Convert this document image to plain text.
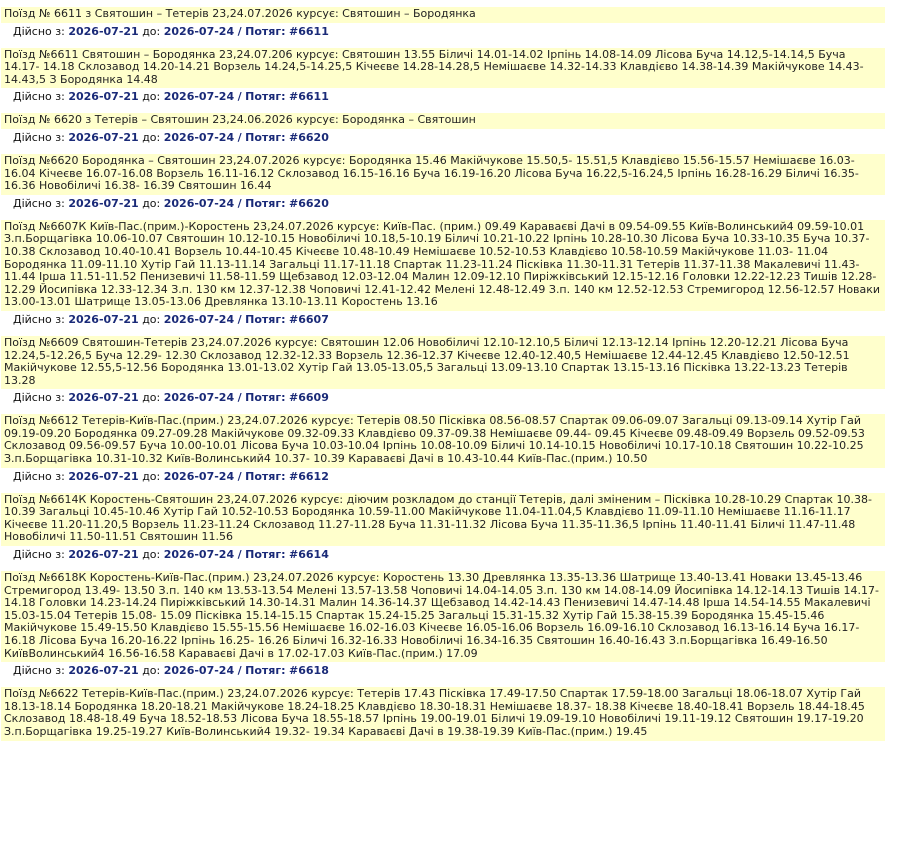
Поїзд № 6611 з Святошин – Тетерів 23,24.07.2026 курсує: Святошин – Бородянка
Дійсно з: 2026-07-21 до: 2026-07-24 / Потяг: #6611
Поїзд №6611 Святошин – Бородянка 23,24.07.206 курсує: Святошин 13.55 Біличі 14.01-14.02 Ірпінь 14.08-14.09 Лісова Буча 14.12,5-14.14,5 Буча 14.17- 14.18 Склозавод 14.20-14.21 Ворзель 14.24,5-14.25,5 Кічеєве 14.28-14.28,5 Немішаєве 14.32-14.33 Клавдієво 14.38-14.39 Макійчукове 14.43-14.43,5 З Бородянка 14.48
Дійсно з: 2026-07-21 до: 2026-07-24 / Потяг: #6611
Поїзд № 6620 з Тетерів – Святошин 23,24.06.2026 курсує: Бородянка – Святошин
Дійсно з: 2026-07-21 до: 2026-07-24 / Потяг: #6620
Поїзд №6620 Бородянка – Святошин 23,24.07.2026 курсує: Бородянка 15.46 Макійчукове 15.50,5- 15.51,5 Клавдієво 15.56-15.57 Немішаєве 16.03-16.04 Кічеєве 16.07-16.08 Ворзель 16.11-16.12 Склозавод 16.15-16.16 Буча 16.19-16.20 Лісова Буча 16.22,5-16.24,5 Ірпінь 16.28-16.29 Біличі 16.35-16.36 Новобіличі 16.38- 16.39 Святошин 16.44
Дійсно з: 2026-07-21 до: 2026-07-24 / Потяг: #6620
Поїзд №6607К Київ-Пас.(прим.)-Коростень 23,24.07.2026 курсує: Київ-Пас. (прим.) 09.49 Караваєві Дачі в 09.54-09.55 Київ-Волинський4 09.59-10.01 З.п.Борщагівка 10.06-10.07 Святошин 10.12-10.15 Новобіличі 10.18,5-10.19 Біличі 10.21-10.22 Ірпінь 10.28-10.30 Лісова Буча 10.33-10.35 Буча 10.37-10.38 Склозавод 10.40-10.41 Ворзель 10.44-10.45 Кічеєве 10.48-10.49 Немішаєве 10.52-10.53 Клавдієво 10.58-10.59 Макійчукове 11.03- 11.04 Бородянка 11.09-11.10 Хутір Гай 11.13-11.14 Загальці 11.17-11.18 Спартак 11.23-11.24 Пісківка 11.30-11.31 Тетерів 11.37-11.38 Макалевичі 11.43-11.44 Ірша 11.51-11.52 Пенизевичі 11.58-11.59 Щебзавод 12.03-12.04 Малин 12.09-12.10 Пиріжківський 12.15-12.16 Головки 12.22-12.23 Тишів 12.28- 12.29 Йосипівка 12.33-12.34 З.п. 130 км 12.37-12.38 Чоповичі 12.41-12.42 Мелені 12.48-12.49 З.п. 140 км 12.52-12.53 Стремигород 12.56-12.57 Новаки 13.00-13.01 Шатрище 13.05-13.06 Древлянка 13.10-13.11 Коростень 13.16
Дійсно з: 2026-07-21 до: 2026-07-24 / Потяг: #6607
Поїзд №6609 Святошин-Тетерів 23,24.07.2026 курсує: Святошин 12.06 Новобіличі 12.10-12.10,5 Біличі 12.13-12.14 Ірпінь 12.20-12.21 Лісова Буча 12.24,5-12.26,5 Буча 12.29- 12.30 Склозавод 12.32-12.33 Ворзель 12.36-12.37 Кічеєве 12.40-12.40,5 Немішаєве 12.44-12.45 Клавдієво 12.50-12.51 Макійчукове 12.55,5-12.56 Бородянка 13.01-13.02 Хутір Гай 13.05-13.05,5 Загальці 13.09-13.10 Спартак 13.15-13.16 Пісківка 13.22-13.23 Тетерів 13.28
Дійсно з: 2026-07-21 до: 2026-07-24 / Потяг: #6609
Поїзд №6612 Тетерів-Київ-Пас.(прим.) 23,24.07.2026 курсує: Тетерів 08.50 Пісківка 08.56-08.57 Спартак 09.06-09.07 Загальці 09.13-09.14 Хутір Гай 09.19-09.20 Бородянка 09.27-09.28 Макійчукове 09.32-09.33 Клавдієво 09.37-09.38 Немішаєве 09.44- 09.45 Кічеєве 09.48-09.49 Ворзель 09.52-09.53 Склозавод 09.56-09.57 Буча 10.00-10.01 Лісова Буча 10.03-10.04 Ірпінь 10.08-10.09 Біличі 10.14-10.15 Новобіличі 10.17-10.18 Святошин 10.22-10.25 З.п.Борщагівка 10.31-10.32 Київ-Волинський4 10.37- 10.39 Караваєві Дачі в 10.43-10.44 Київ-Пас.(прим.) 10.50
Дійсно з: 2026-07-21 до: 2026-07-24 / Потяг: #6612
Поїзд №6614К Коростень-Святошин 23,24.07.2026 курсує: діючим розкладом до станції Тетерів, далі зміненим – Пісківка 10.28-10.29 Спартак 10.38-10.39 Загальці 10.45-10.46 Хутір Гай 10.52-10.53 Бородянка 10.59-11.00 Макійчукове 11.04-11.04,5 Клавдієво 11.09-11.10 Немішаєве 11.16-11.17 Кічеєве 11.20-11.20,5 Ворзель 11.23-11.24 Склозавод 11.27-11.28 Буча 11.31-11.32 Лісова Буча 11.35-11.36,5 Ірпінь 11.40-11.41 Біличі 11.47-11.48 Новобіличі 11.50-11.51 Святошин 11.56
Дійсно з: 2026-07-21 до: 2026-07-24 / Потяг: #6614
Поїзд №6618К Коростень-Київ-Пас.(прим.) 23,24.07.2026 курсує: Коростень 13.30 Древлянка 13.35-13.36 Шатрище 13.40-13.41 Новаки 13.45-13.46 Стремигород 13.49- 13.50 З.п. 140 км 13.53-13.54 Мелені 13.57-13.58 Чоповичі 14.04-14.05 З.п. 130 км 14.08-14.09 Йосипівка 14.12-14.13 Тишів 14.17-14.18 Головки 14.23-14.24 Пиріжківський 14.30-14.31 Малин 14.36-14.37 Щебзавод 14.42-14.43 Пенизевичі 14.47-14.48 Ірша 14.54-14.55 Макалевичі 15.03-15.04 Тетерів 15.08- 15.09 Пісківка 15.14-15.15 Спартак 15.24-15.25 Загальці 15.31-15.32 Хутір Гай 15.38-15.39 Бородянка 15.45-15.46 Макійчукове 15.49-15.50 Клавдієво 15.55-15.56 Немішаєве 16.02-16.03 Кічеєве 16.05-16.06 Ворзель 16.09-16.10 Склозавод 16.13-16.14 Буча 16.17-16.18 Лісова Буча 16.20-16.22 Ірпінь 16.25- 16.26 Біличі 16.32-16.33 Новобіличі 16.34-16.35 Святошин 16.40-16.43 З.п.Борщагівка 16.49-16.50 КиївВолинський4 16.56-16.58 Караваєві Дачі в 17.02-17.03 Київ-Пас.(прим.) 17.09
Дійсно з: 2026-07-21 до: 2026-07-24 / Потяг: #6618
Поїзд №6622 Тетерів-Київ-Пас.(прим.) 23,24.07.2026 курсує: Тетерів 17.43 Пісківка 17.49-17.50 Спартак 17.59-18.00 Загальці 18.06-18.07 Хутір Гай 18.13-18.14 Бородянка 18.20-18.21 Макійчукове 18.24-18.25 Клавдієво 18.30-18.31 Немішаєве 18.37- 18.38 Кічеєве 18.40-18.41 Ворзель 18.44-18.45 Склозавод 18.48-18.49 Буча 18.52-18.53 Лісова Буча 18.55-18.57 Ірпінь 19.00-19.01 Біличі 19.09-19.10 Новобіличі 19.11-19.12 Святошин 19.17-19.20 З.п.Борщагівка 19.25-19.27 Київ-Волинський4 19.32- 19.34 Караваєві Дачі в 19.38-19.39 Київ-Пас.(прим.) 19.45
